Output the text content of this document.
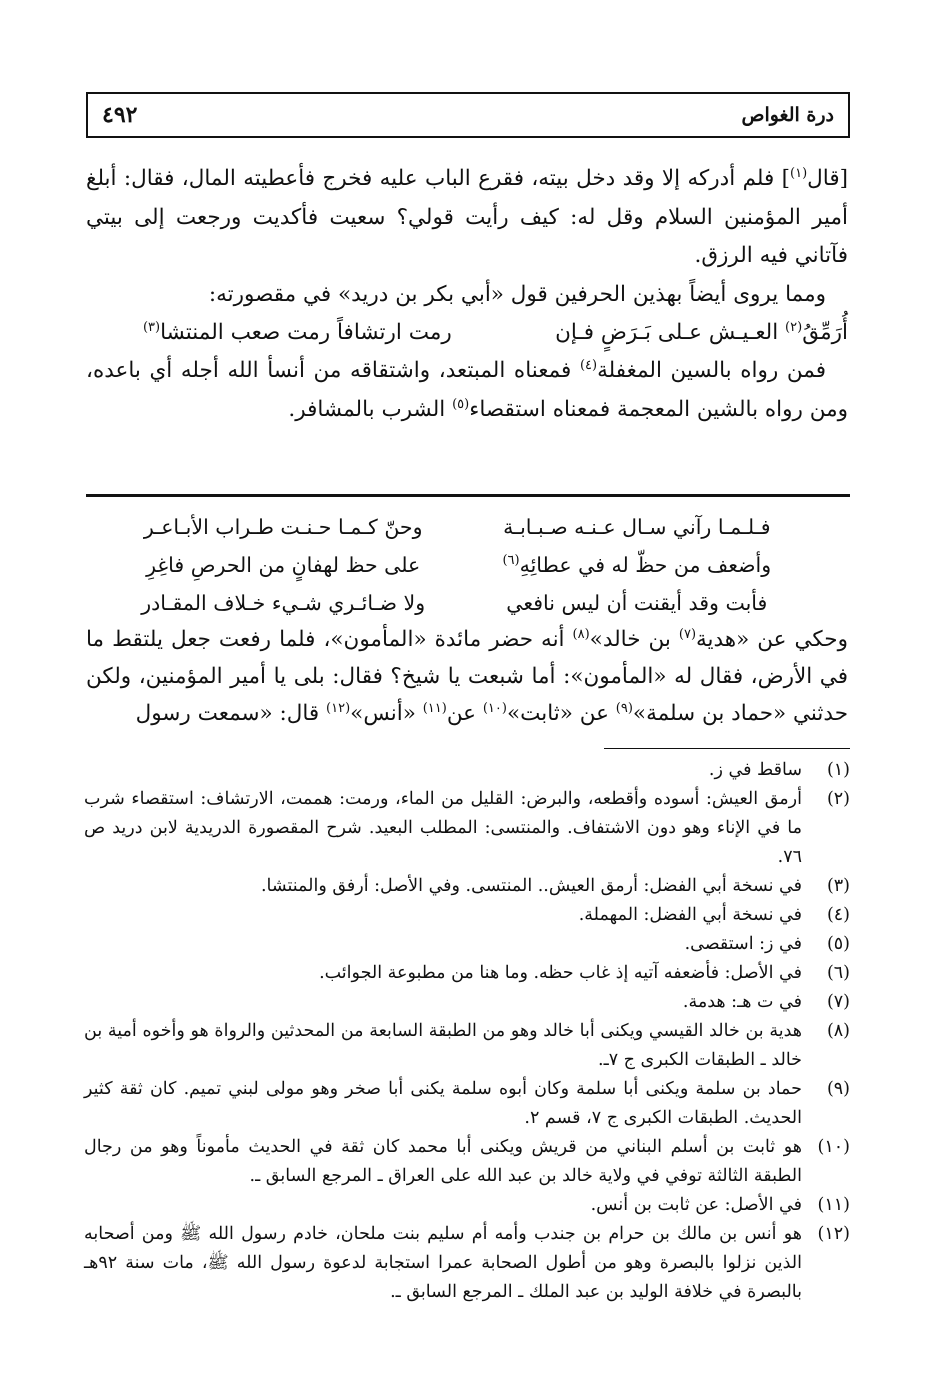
٤٩٢	درة الغواص

[قال$^{(١)}$] فلم أدركه إلا وقد دخل بيته، فقرع الباب عليه فخرج فأعطيته المال، فقال: أبلغ أمير المؤمنين السلام وقل له: كيف رأيت قولي؟ سعيت فأكديت ورجعت إلى بيتي فآتاني فيه الرزق.

ومما يروى أيضاً بهذين الحرفين قول «أبي بكر بن دريد» في مقصورته:

أُرَمِّقُ$^{(٢)}$ العـيـش عـلى بَـرَضٍ فـإن
رمت ارتشافاً رمت صعب المنتشا$^{(٣)}$

فمن رواه بالسين المغفلة$^{(٤)}$ فمعناه المبتعد، واشتقاقه من أنسأ الله أجله أي باعده، ومن رواه بالشين المعجمة فمعناه استقصاء$^{(٥)}$ الشرب بالمشافر.

فـلـمـا رآني سـال عـنـه صـبـابـة
وحنّ كـمـا حـنـت طـراب الأبـاعـر
وأضعف من حظّ له في عطائِهِ$^{(٦)}$
على حظ لهفانٍ من الحرصِ فاغِرِ
فأبت وقد أيقنت أن ليس نافعي
ولا ضـائـري شـيء خـلاف المقـادر

وحكي عن «هدية$^{(٧)}$ بن خالد»$^{(٨)}$ أنه حضر مائدة «المأمون»، فلما رفعت جعل يلتقط ما في الأرض، فقال له «المأمون»: أما شبعت يا شيخ؟ فقال: بلى يا أمير المؤمنين، ولكن حدثني «حماد بن سلمة»$^{(٩)}$ عن «ثابت»$^{(١٠)}$ عن$^{(١١)}$ «أنس»$^{(١٢)}$ قال: «سمعت رسول

(١)
ساقط في ز.
(٢)
أرمق العيش: أسوده وأقطعه، والبرض: القليل من الماء، ورمت: هممت، الارتشاف: استقصاء شرب ما في الإناء وهو دون الاشتفاف. والمنتسى: المطلب البعيد. شرح المقصورة الدريدية لابن دريد ص ٧٦.
(٣)
في نسخة أبي الفضل: أرمق العيش.. المنتسى. وفي الأصل: أرفق والمنتشا.
(٤)
في نسخة أبي الفضل: المهملة.
(٥)
في ز: استقصى.
(٦)
في الأصل: فأضعفه آتيه إذ غاب حظه. وما هنا من مطبوعة الجوائب.
(٧)
في ت هـ: هدمة.
(٨)
هدية بن خالد القيسي ويكنى أبا خالد وهو من الطبقة السابعة من المحدثين والرواة هو وأخوه أمية بن خالد ـ الطبقات الكبرى ج ٧ـ.
(٩)
حماد بن سلمة ويكنى أبا سلمة وكان أبوه سلمة يكنى أبا صخر وهو مولى لبني تميم. كان ثقة كثير الحديث. الطبقات الكبرى ج ٧، قسم ٢.
(١٠)
هو ثابت بن أسلم البناني من قريش ويكنى أبا محمد كان ثقة في الحديث مأموناً وهو من رجال الطبقة الثالثة توفي في ولاية خالد بن عبد الله على العراق ـ المرجع السابق ـ.
(١١)
في الأصل: عن ثابت بن أنس.
(١٢)
هو أنس بن مالك بن حرام بن جندب وأمه أم سليم بنت ملحان، خادم رسول الله ﷺ ومن أصحابه الذين نزلوا بالبصرة وهو من أطول الصحابة عمرا استجابة لدعوة رسول الله ﷺ، مات سنة ٩٢هـ بالبصرة في خلافة الوليد بن عبد الملك ـ المرجع السابق ـ.
